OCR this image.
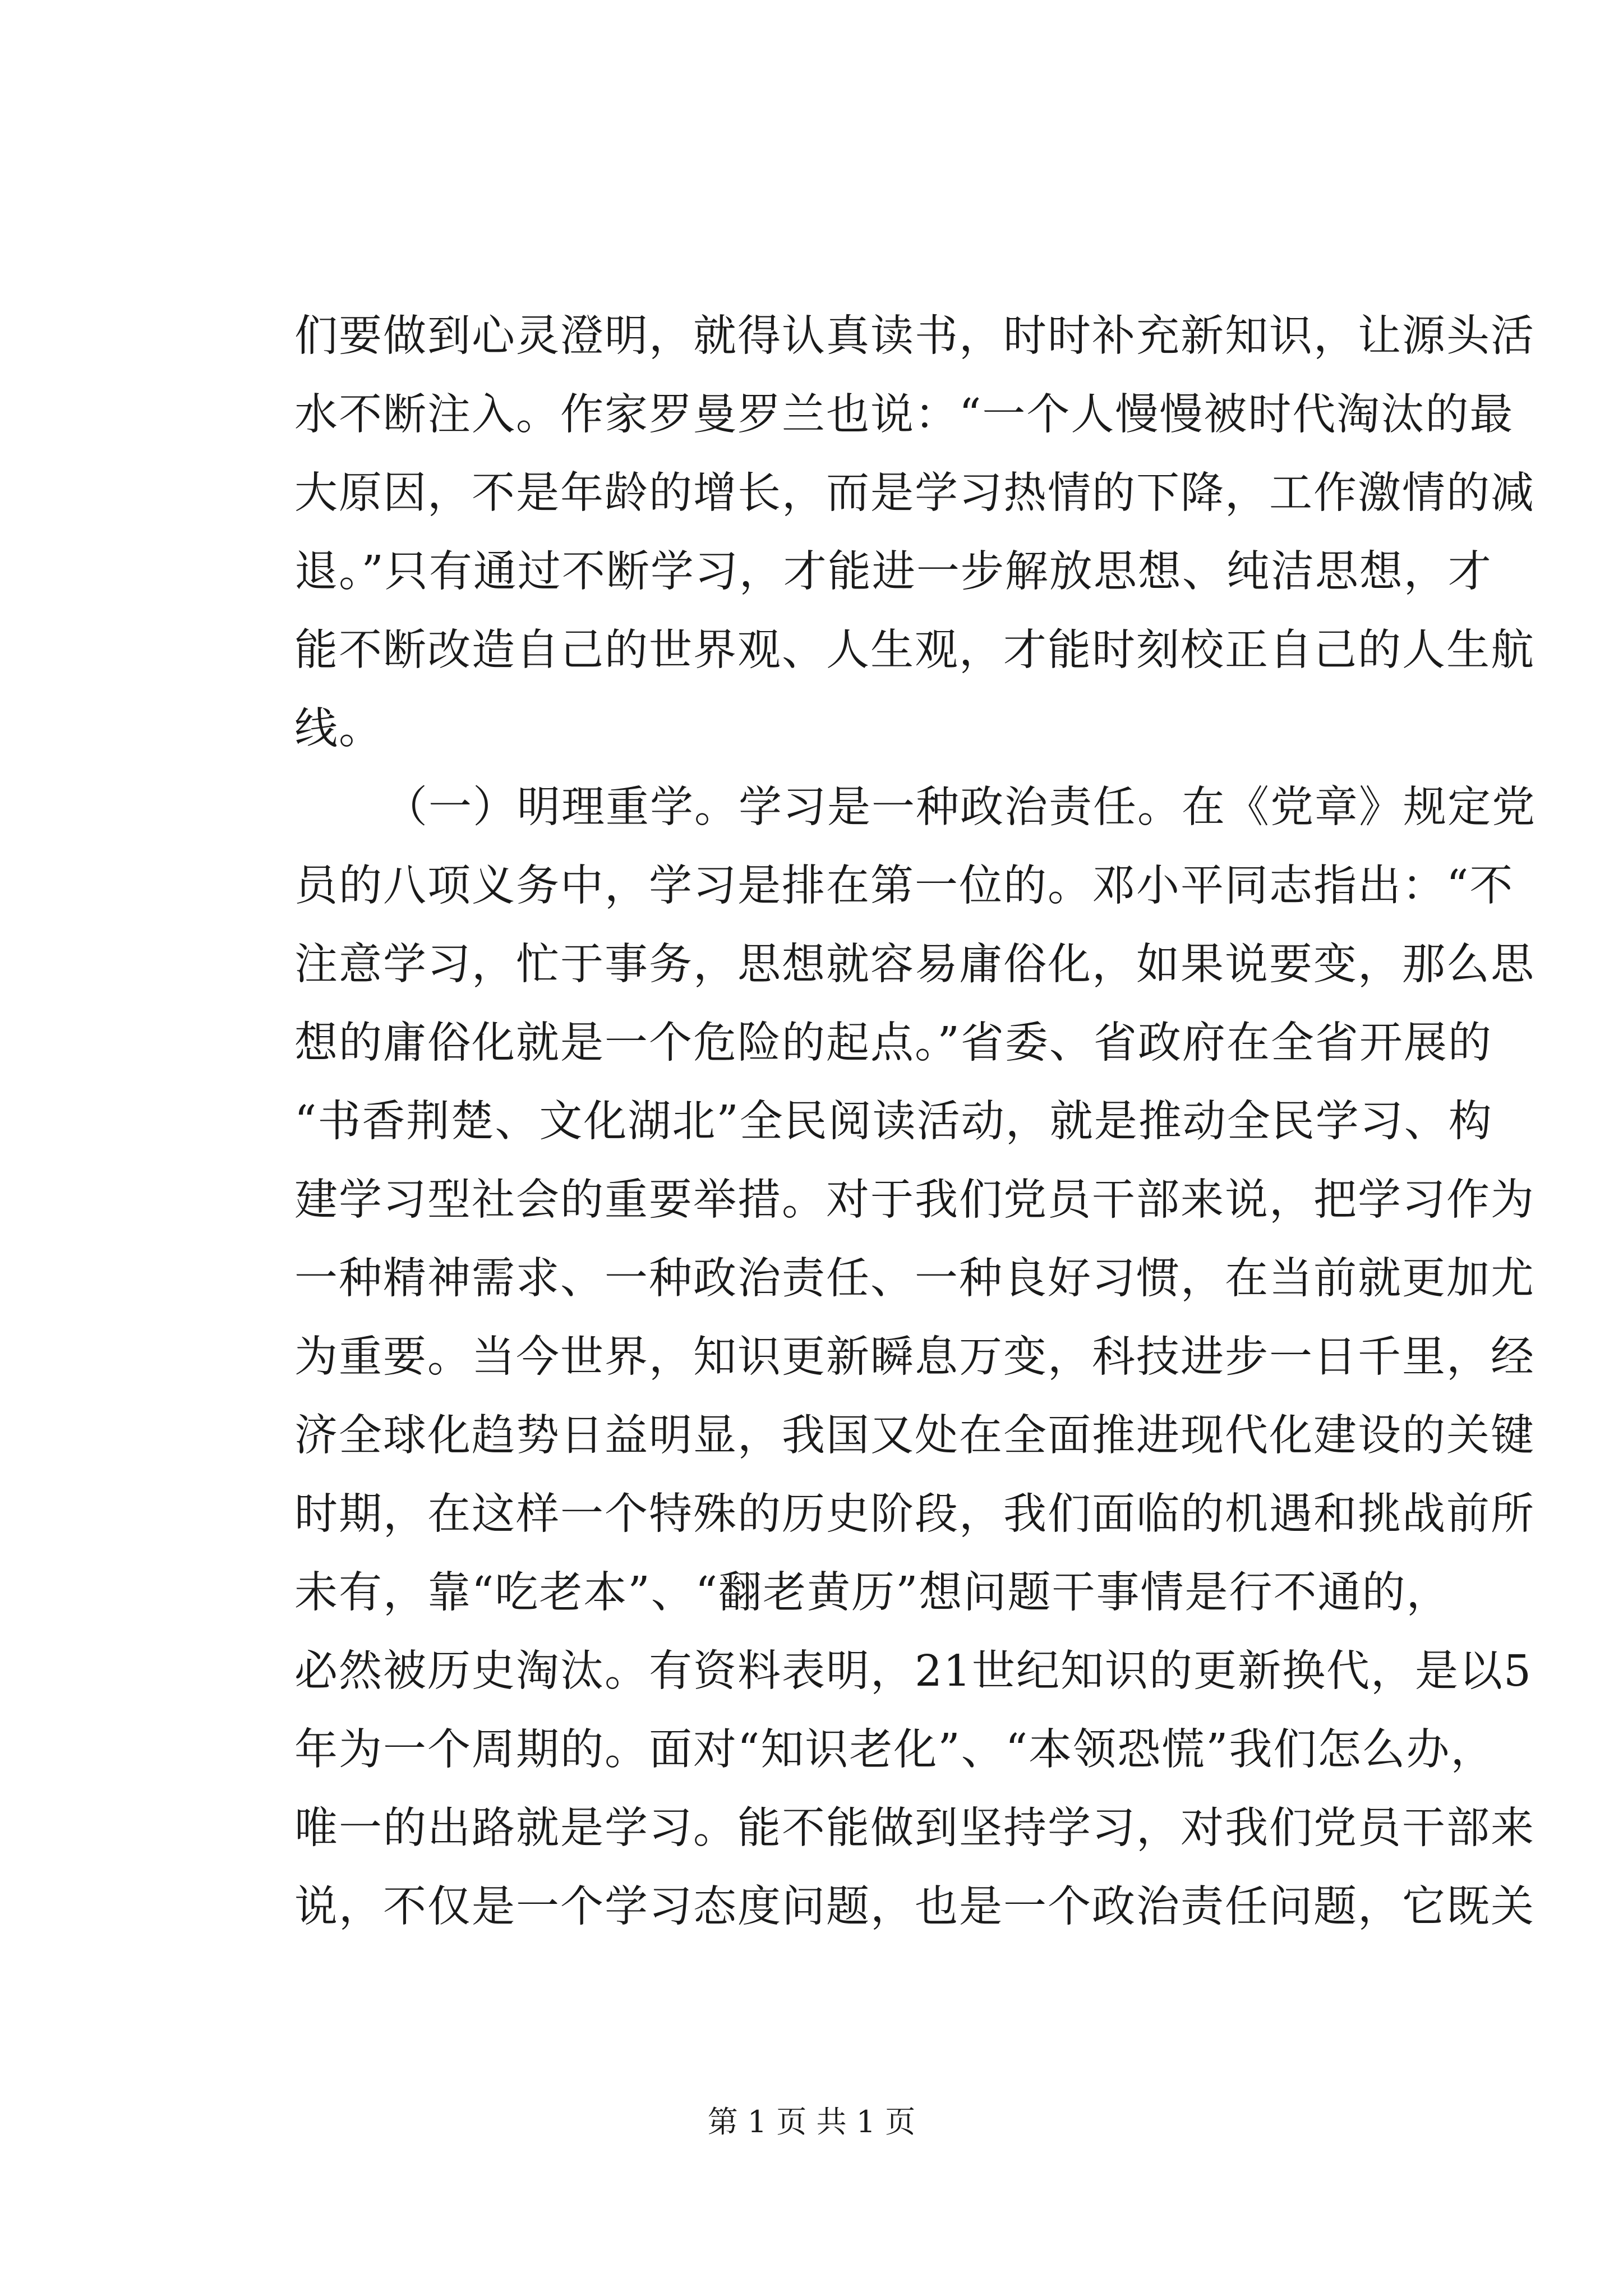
们要做到心灵澄明，就得认真读书，时时补充新知识，让源头活
水不断注入。作家罗曼罗兰也说：“一个人慢慢被时代淘汰的最
大原因，不是年龄的增长，而是学习热情的下降，工作激情的减
退。”只有通过不断学习，才能进一步解放思想、纯洁思想，才
能不断改造自己的世界观、人生观，才能时刻校正自己的人生航
线。
（一）明理重学。学习是一种政治责任。在《党章》规定党
员的八项义务中，学习是排在第一位的。邓小平同志指出：“不
注意学习，忙于事务，思想就容易庸俗化，如果说要变，那么思
想的庸俗化就是一个危险的起点。”省委、省政府在全省开展的
“书香荆楚、文化湖北”全民阅读活动，就是推动全民学习、构
建学习型社会的重要举措。对于我们党员干部来说，把学习作为
一种精神需求、一种政治责任、一种良好习惯，在当前就更加尤
为重要。当今世界，知识更新瞬息万变，科技进步一日千里，经
济全球化趋势日益明显，我国又处在全面推进现代化建设的关键
时期，在这样一个特殊的历史阶段，我们面临的机遇和挑战前所
未有，靠“吃老本”、“翻老黄历”想问题干事情是行不通的，
必然被历史淘汰。有资料表明，21世纪知识的更新换代，是以5
年为一个周期的。面对“知识老化”、“本领恐慌”我们怎么办，
唯一的出路就是学习。能不能做到坚持学习，对我们党员干部来
说，不仅是一个学习态度问题，也是一个政治责任问题，它既关
第 1 页 共 1 页
